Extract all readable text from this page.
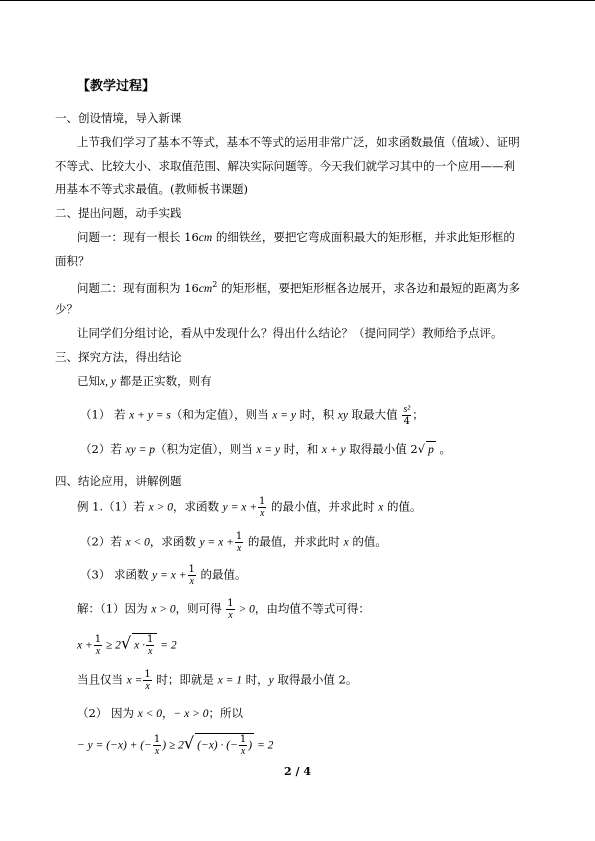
【教学过程】
一、创设情境，导入新课
上节我们学习了基本不等式，基本不等式的运用非常广泛，如求函数最值（值域）、证明
不等式、比较大小、求取值范围、解决实际问题等。今天我们就学习其中的一个应用——利
用基本不等式求最值。(教师板书课题)
二、提出问题，动手实践
问题一：现有一根长 16cm 的细铁丝，要把它弯成面积最大的矩形框，并求此矩形框的
面积？
问题二：现有面积为 $16cm^2$ 的矩形框，要把矩形框各边展开，求各边和最短的距离为多
少？
让同学们分组讨论，看从中发现什么？得出什么结论？（提问同学）教师给予点评。
三、探究方法，得出结论
已知x, y 都是正实数，则有
（1） 若 x + y = s（和为定值），则当 x = y 时，积 xy 取最大值 $\frac{\text{s²}}{4}$ ；
（2）若 xy = p（积为定值），则当 x = y 时，和 x + y 取得最小值 2√ p 。
四、结论应用，讲解例题
例 1.（1）若 x > 0，求函数 $y = x + \frac{1}{x}$ 的最小值，并求此时 x 的值。
（2）若 x < 0，求函数 $y = x + \frac{1}{x}$ 的最值，并求此时 x 的值。
（3） 求函数 $y = x + \frac{1}{x}$ 的最值。
解：（1）因为 x > 0，则可得 $\frac{1}{x} > 0$，由均值不等式可得：
$x + \frac{1}{x} \ge 2√$ $x \cdot \frac{1}{x} = 2$
当且仅当 $x = \frac{1}{x}$ 时；即就是 x = 1 时，y 取得最小值 2。
（2） 因为 x < 0，− x > 0；所以
− y = (−x) + (− $\frac{1}{x}$ ) ≥ 2√ (−x) · (− $\frac{1}{x}$ ) = 2
2 / 4
